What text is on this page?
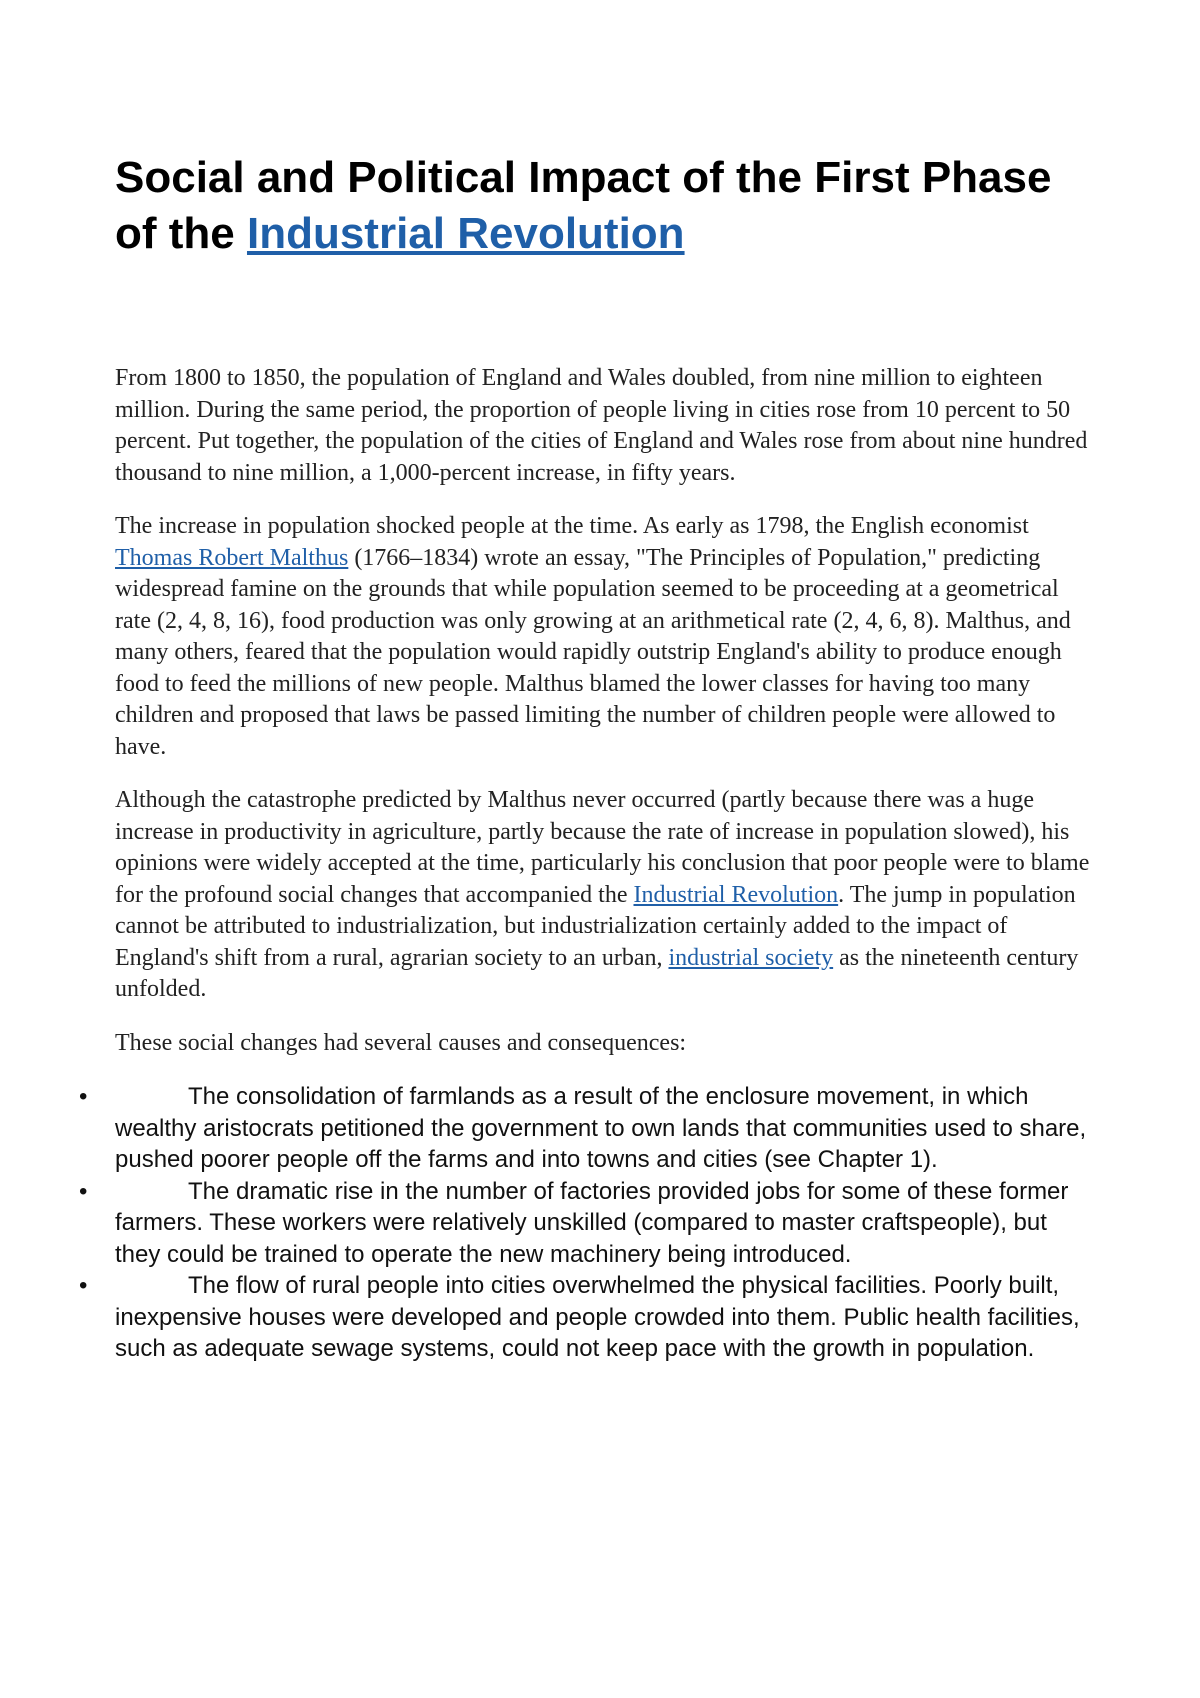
Social and Political Impact of the First Phase of the Industrial Revolution

From 1800 to 1850, the population of England and Wales doubled, from nine million to eighteen million. During the same period, the proportion of people living in cities rose from 10 percent to 50 percent. Put together, the population of the cities of England and Wales rose from about nine hundred thousand to nine million, a 1,000-percent increase, in fifty years.

The increase in population shocked people at the time. As early as 1798, the English economist Thomas Robert Malthus (1766–1834) wrote an essay, "The Principles of Population," predicting widespread famine on the grounds that while population seemed to be proceeding at a geometrical rate (2, 4, 8, 16), food production was only growing at an arithmetical rate (2, 4, 6, 8). Malthus, and many others, feared that the population would rapidly outstrip England's ability to produce enough food to feed the millions of new people. Malthus blamed the lower classes for having too many children and proposed that laws be passed limiting the number of children people were allowed to have.

Although the catastrophe predicted by Malthus never occurred (partly because there was a huge increase in productivity in agriculture, partly because the rate of increase in population slowed), his opinions were widely accepted at the time, particularly his conclusion that poor people were to blame for the profound social changes that accompanied the Industrial Revolution. The jump in population cannot be attributed to industrialization, but industrialization certainly added to the impact of England's shift from a rural, agrarian society to an urban, industrial society as the nineteenth century unfolded.

These social changes had several causes and consequences:

•	The consolidation of farmlands as a result of the enclosure movement, in which wealthy aristocrats petitioned the government to own lands that communities used to share, pushed poorer people off the farms and into towns and cities (see Chapter 1).
•	The dramatic rise in the number of factories provided jobs for some of these former farmers. These workers were relatively unskilled (compared to master craftspeople), but they could be trained to operate the new machinery being introduced.
•	The flow of rural people into cities overwhelmed the physical facilities. Poorly built, inexpensive houses were developed and people crowded into them. Public health facilities, such as adequate sewage systems, could not keep pace with the growth in population.
